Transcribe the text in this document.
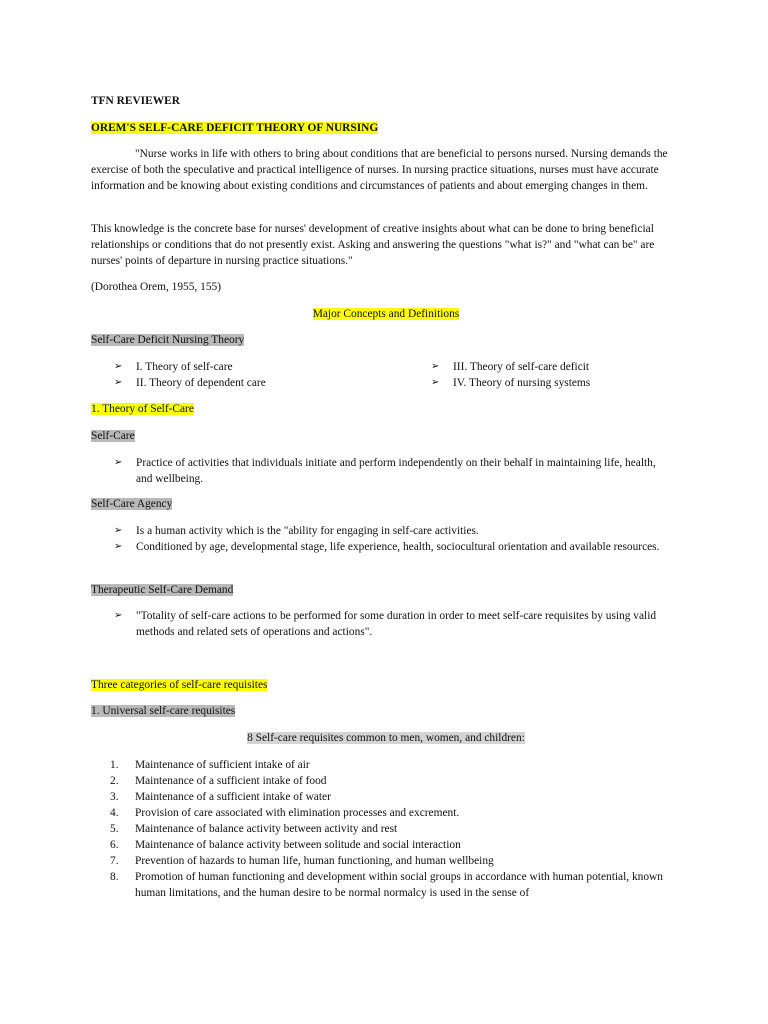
TFN REVIEWER
OREM'S SELF-CARE DEFICIT THEORY OF NURSING

"Nurse works in life with others to bring about conditions that are beneficial to persons nursed. Nursing demands the exercise of both the speculative and practical intelligence of nurses. In nursing practice situations, nurses must have accurate information and be knowing about existing conditions and circumstances of patients and about emerging changes in them.

This knowledge is the concrete base for nurses' development of creative insights about what can be done to bring beneficial relationships or conditions that do not presently exist. Asking and answering the questions "what is?" and "what can be" are nurses' points of departure in nursing practice situations."

(Dorothea Orem, 1955, 155)

Major Concepts and Definitions
Self-Care Deficit Nursing Theory
➢	I. Theory of self-care
➢	II. Theory of dependent care
➢	III. Theory of self-care deficit
➢	IV. Theory of nursing systems
1. Theory of Self-Care
Self-Care
➢	Practice of activities that individuals initiate and perform independently on their behalf in maintaining life, health, and wellbeing.
Self-Care Agency
➢	Is a human activity which is the "ability for engaging in self-care activities.
➢	Conditioned by age, developmental stage, life experience, health, sociocultural orientation and available resources.
Therapeutic Self-Care Demand
➢	"Totality of self-care actions to be performed for some duration in order to meet self-care requisites by using valid methods and related sets of operations and actions".
Three categories of self-care requisites
1. Universal self-care requisites
8 Self-care requisites common to men, women, and children:
1.	Maintenance of sufficient intake of air
2.	Maintenance of a sufficient intake of food
3.	Maintenance of a sufficient intake of water
4.	Provision of care associated with elimination processes and excrement.
5.	Maintenance of balance activity between activity and rest
6.	Maintenance of balance activity between solitude and social interaction
7.	Prevention of hazards to human life, human functioning, and human wellbeing
8.	Promotion of human functioning and development within social groups in accordance with human potential, known human limitations, and the human desire to be normal normalcy is used in the sense of
